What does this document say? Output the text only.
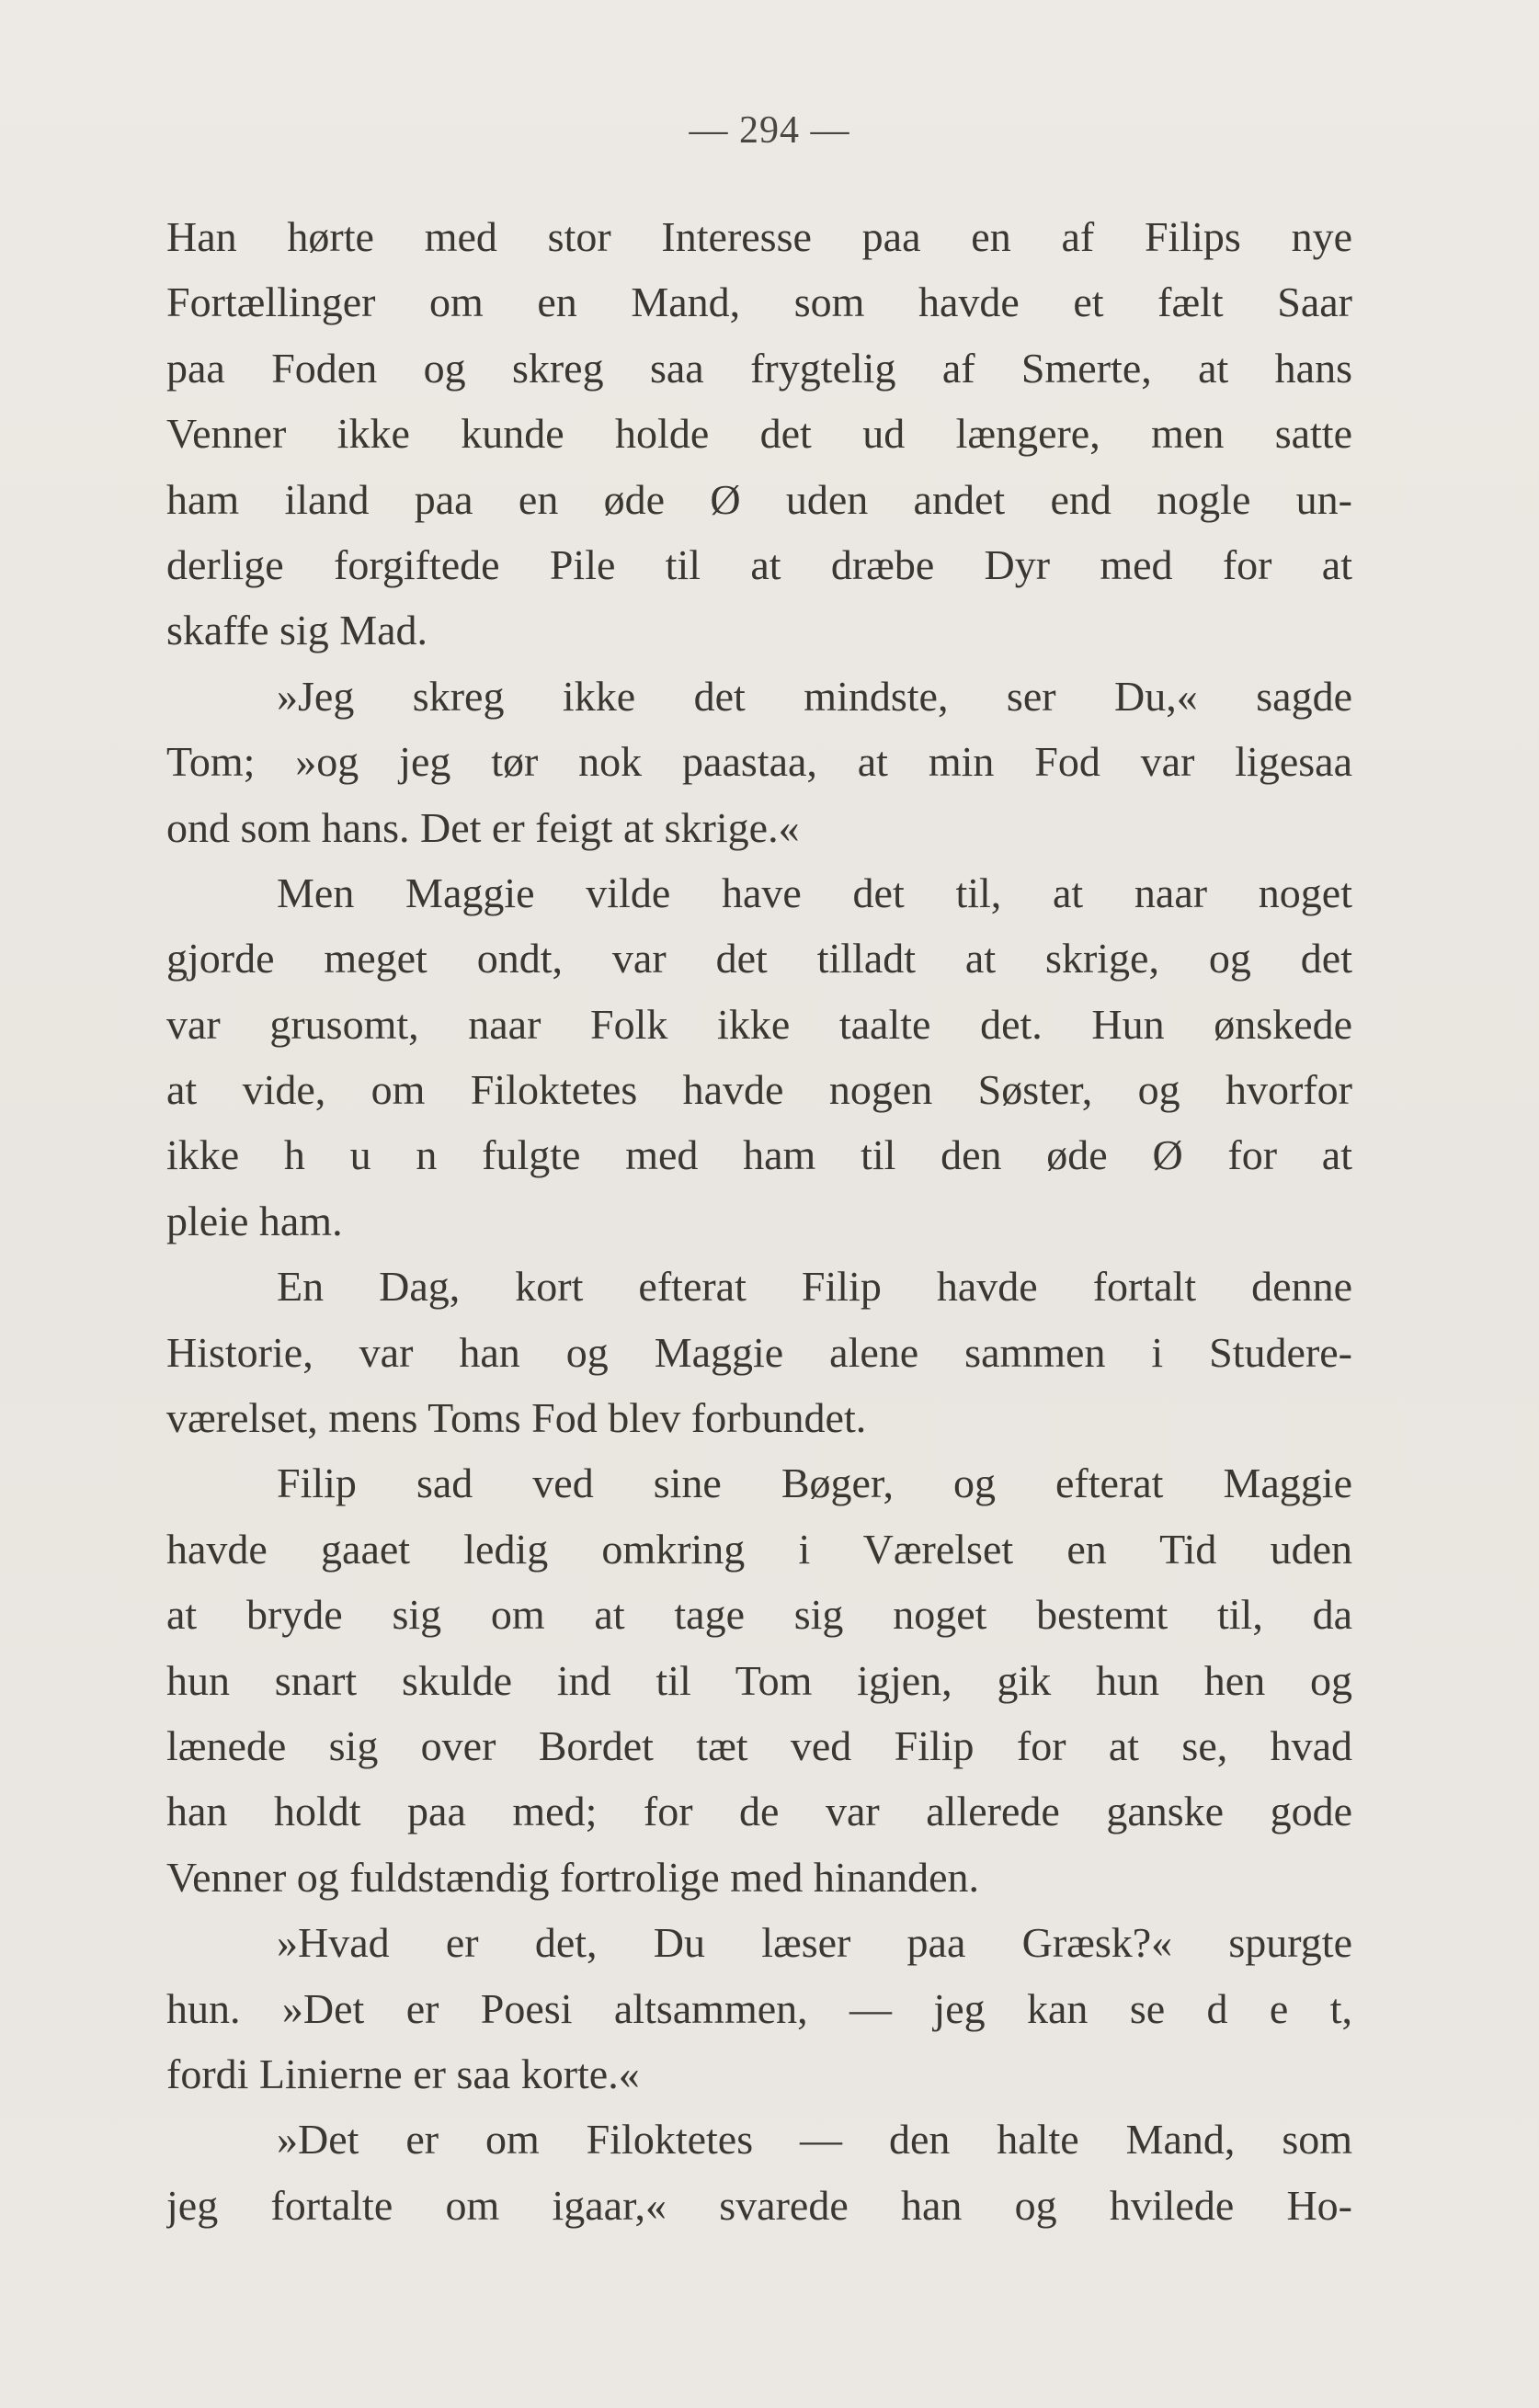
— 294 —
Han hørte med stor Interesse paa en af Filips nye
Fortællinger om en Mand, som havde et fælt Saar
paa Foden og skreg saa frygtelig af Smerte, at hans
Venner ikke kunde holde det ud længere, men satte
ham iland paa en øde Ø uden andet end nogle un-
derlige forgiftede Pile til at dræbe Dyr med for at
skaffe sig Mad.
»Jeg skreg ikke det mindste, ser Du,« sagde
Tom; »og jeg tør nok paastaa, at min Fod var ligesaa
ond som hans. Det er feigt at skrige.«
Men Maggie vilde have det til, at naar noget
gjorde meget ondt, var det tilladt at skrige, og det
var grusomt, naar Folk ikke taalte det. Hun ønskede
at vide, om Filoktetes havde nogen Søster, og hvorfor
ikke h u n fulgte med ham til den øde Ø for at
pleie ham.
En Dag, kort efterat Filip havde fortalt denne
Historie, var han og Maggie alene sammen i Studere-
værelset, mens Toms Fod blev forbundet.
Filip sad ved sine Bøger, og efterat Maggie
havde gaaet ledig omkring i Værelset en Tid uden
at bryde sig om at tage sig noget bestemt til, da
hun snart skulde ind til Tom igjen, gik hun hen og
lænede sig over Bordet tæt ved Filip for at se, hvad
han holdt paa med; for de var allerede ganske gode
Venner og fuldstændig fortrolige med hinanden.
»Hvad er det, Du læser paa Græsk?« spurgte
hun. »Det er Poesi altsammen, — jeg kan se d e t,
fordi Linierne er saa korte.«
»Det er om Filoktetes — den halte Mand, som
jeg fortalte om igaar,« svarede han og hvilede Ho-
